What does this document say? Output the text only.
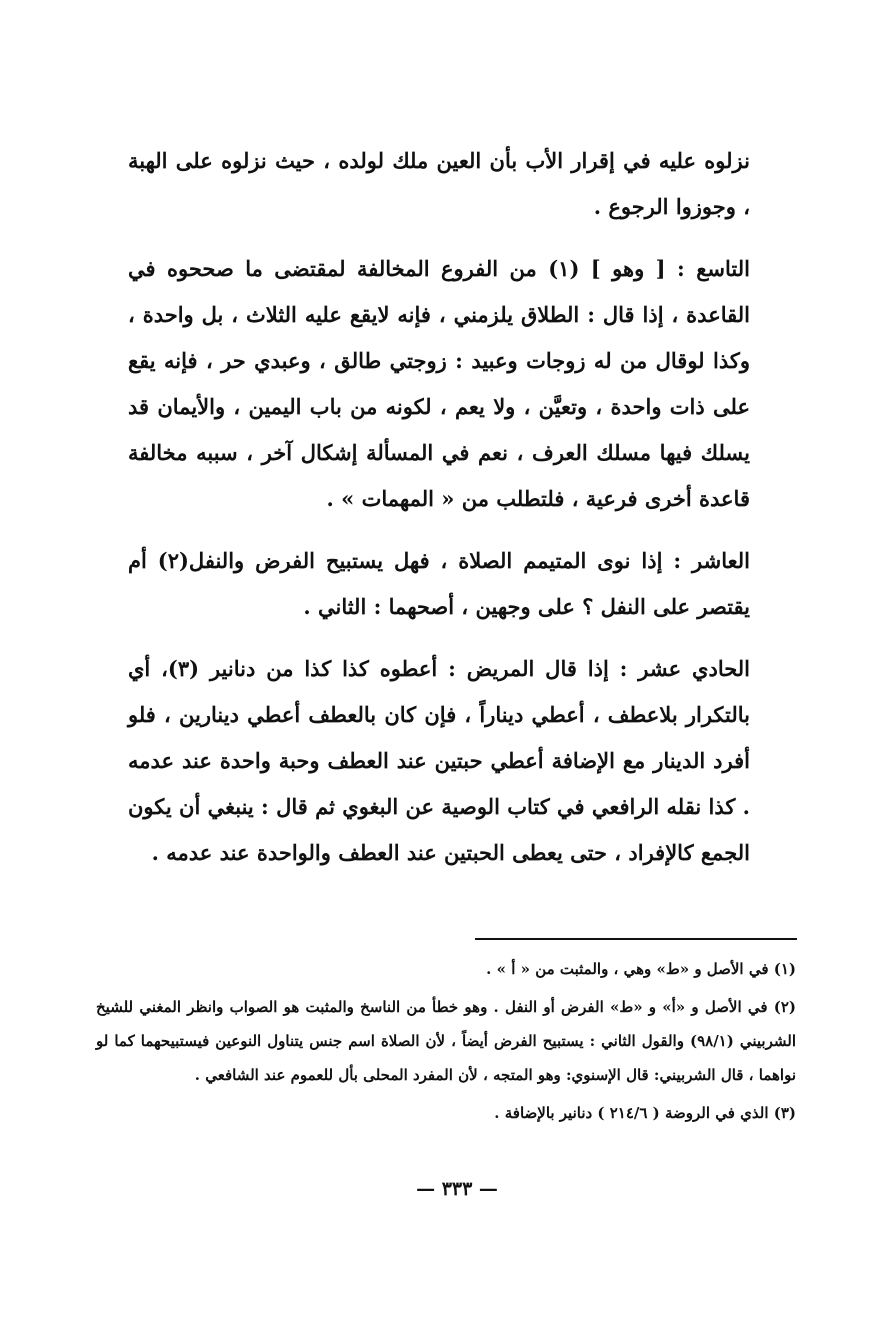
نزلوه عليه في إقرار الأب بأن العين ملك لولده ، حيث نزلوه على الهبة ، وجوزوا الرجوع .

التاسع : [ وهو ] (١) من الفروع المخالفة لمقتضى ما صححوه في القاعدة ، إذا قال : الطلاق يلزمني ، فإنه لايقع عليه الثلاث ، بل واحدة ، وكذا لوقال من له زوجات وعبيد : زوجتي طالق ، وعبدي حر ، فإنه يقع على ذات واحدة ، وتعيَّن ، ولا يعم ، لكونه من باب اليمين ، والأيمان قد يسلك فيها مسلك العرف ، نعم في المسألة إشكال آخر ، سببه مخالفة قاعدة أخرى فرعية ، فلتطلب من « المهمات » .

العاشر : إذا نوى المتيمم الصلاة ، فهل يستبيح الفرض والنفل(٢) أم يقتصر على النفل ؟ على وجهين ، أصحهما : الثاني .

الحادي عشر : إذا قال المريض : أعطوه كذا كذا من دنانير (٣)، أي بالتكرار بلاعطف ، أعطي ديناراً ، فإن كان بالعطف أعطي دينارين ، فلو أفرد الدينار مع الإضافة أعطي حبتين عند العطف وحبة واحدة عند عدمه . كذا نقله الرافعي في كتاب الوصية عن البغوي ثم قال : ينبغي أن يكون الجمع كالإفراد ، حتى يعطى الحبتين عند العطف والواحدة عند عدمه .

(١) في الأصل و «ط» وهي ، والمثبت من « أ » .

(٢) في الأصل و «أ» و «ط» الفرض أو النفل . وهو خطأ من الناسخ والمثبت هو الصواب وانظر المغني للشيخ الشربيني (٩٨/١) والقول الثاني : يستبيح الفرض أيضاً ، لأن الصلاة اسم جنس يتناول النوعين فيستبيحهما كما لو نواهما ، قال الشربيني: قال الإسنوي: وهو المتجه ، لأن المفرد المحلى بأل للعموم عند الشافعي .

(٣) الذي في الروضة ( ٢١٤/٦ ) دنانير بالإضافة .

— ٣٣٣ —
